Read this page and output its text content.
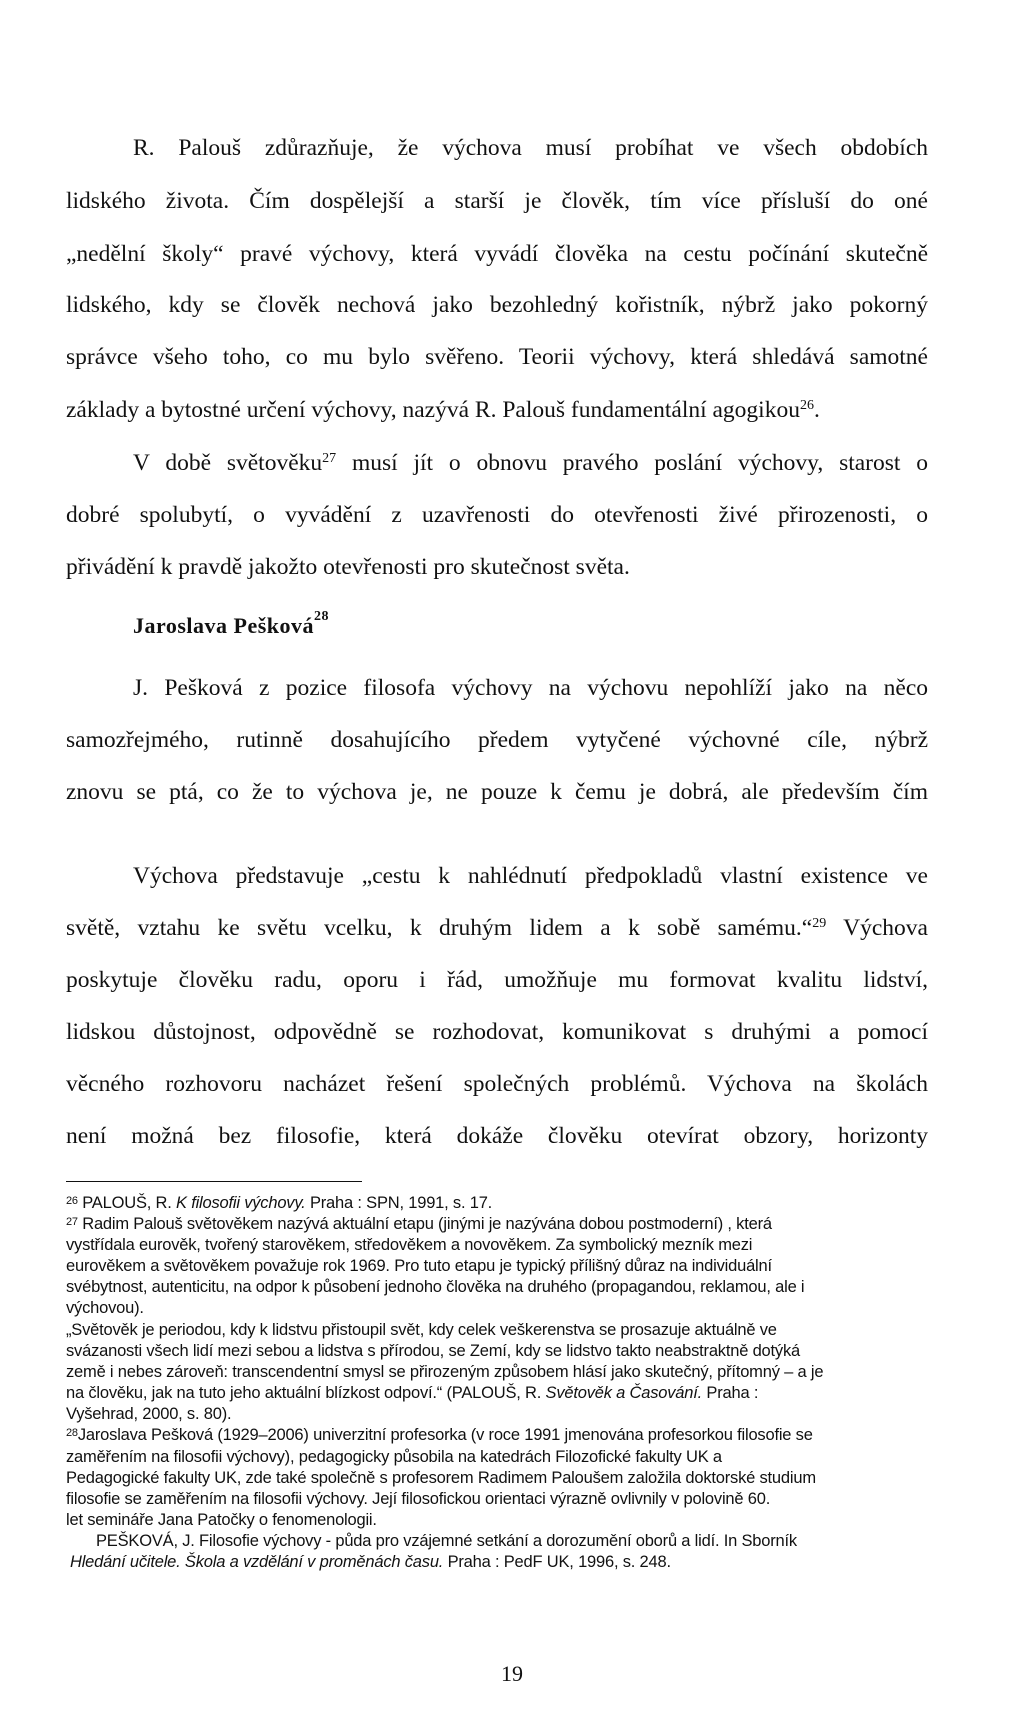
R. Palouš zdůrazňuje, že výchova musí probíhat ve všech obdobích
lidského života. Čím dospělejší a starší je člověk, tím více přísluší do oné
„nedělní školy“ pravé výchovy, která vyvádí člověka na cestu počínání skutečně
lidského, kdy se člověk nechová jako bezohledný kořistník, nýbrž jako pokorný
správce všeho toho, co mu bylo svěřeno. Teorii výchovy, která shledává samotné
základy a bytostné určení výchovy, nazývá R. Palouš fundamentální agogikou$^{26}$.
V době světověku$^{27}$ musí jít o obnovu pravého poslání výchovy, starost o
dobré spolubytí, o vyvádění z uzavřenosti do otevřenosti živé přirozenosti, o
přivádění k pravdě jakožto otevřenosti pro skutečnost světa.
Jaroslava Pešková$^{28}$
J. Pešková z pozice filosofa výchovy na výchovu nepohlíží jako na něco
samozřejmého, rutinně dosahujícího předem vytyčené výchovné cíle, nýbrž
znovu se ptá, co že to výchova je, ne pouze k čemu je dobrá, ale především čím
Výchova představuje „cestu k nahlédnutí předpokladů vlastní existence ve
světě, vztahu ke světu vcelku, k druhým lidem a k sobě samému.“$^{29}$ Výchova
poskytuje člověku radu, oporu i řád, umožňuje mu formovat kvalitu lidství,
lidskou důstojnost, odpovědně se rozhodovat, komunikovat s druhými a pomocí
věcného rozhovoru nacházet řešení společných problémů. Výchova na školách
není možná bez filosofie, která dokáže člověku otevírat obzory, horizonty
$^{26}$ PALOUŠ, R. K filosofii výchovy. Praha : SPN, 1991, s. 17.
$^{27}$ Radim Palouš světověkem nazývá aktuální etapu (jinými je nazývána dobou postmoderní) , která
vystřídala eurověk, tvořený starověkem, středověkem a novověkem. Za symbolický mezník mezi
eurověkem a světověkem považuje rok 1969. Pro tuto etapu je typický přílišný důraz na individuální
svébytnost, autenticitu, na odpor k působení jednoho člověka na druhého (propagandou, reklamou, ale i
výchovou).
„Světověk je periodou, kdy k lidstvu přistoupil svět, kdy celek veškerenstva se prosazuje aktuálně ve
svázanosti všech lidí mezi sebou a lidstva s přírodou, se Zemí, kdy se lidstvo takto neabstraktně dotýká
země i nebes zároveň: transcendentní smysl se přirozeným způsobem hlásí jako skutečný, přítomný – a je
na člověku, jak na tuto jeho aktuální blízkost odpoví.“ (PALOUŠ, R. Světověk a Časování. Praha :
Vyšehrad, 2000, s. 80).
$^{28}$Jaroslava Pešková (1929–2006) univerzitní profesorka (v roce 1991 jmenována profesorkou filosofie se
zaměřením na filosofii výchovy), pedagogicky působila na katedrách Filozofické fakulty UK a
Pedagogické fakulty UK, zde také společně s profesorem Radimem Paloušem založila doktorské studium
filosofie se zaměřením na filosofii výchovy. Její filosofickou orientaci výrazně ovlivnily v polovině 60.
let semináře Jana Patočky o fenomenologii.
PEŠKOVÁ, J. Filosofie výchovy - půda pro vzájemné setkání a dorozumění oborů a lidí. In Sborník
Hledání učitele. Škola a vzdělání v proměnách času. Praha : PedF UK, 1996, s. 248.
19
